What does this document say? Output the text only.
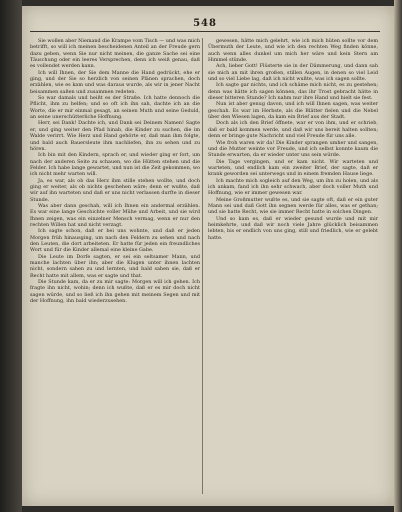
548

Sie wollen aber Niemand die Krampe vom Tisch — und was mich betrifft, so will ich meinen bescheidenen Anteil an der Freude gern dazu geben, wenn Sie nur nicht meinen, die ganze Sache sei eine Täuschung oder ein leeres Versprechen, denn ich weiß genau, daß es vollendet werden kann.

Ich will Ihnen, der Sie dem Manne die Hand gedrückt, ehe er ging, und der Sie so herzlich von seinen Plänen sprachen, doch erzählen, wie es kam und was daraus wurde, als wir in jener Nacht beisammen saßen und zusammen redeten.

So war damals und heißt es der Straße. Ich hatte dennoch die Pflicht, ihm zu helfen; und so oft ich ihn sah, dachte ich an die Worte, die er mir einmal gesagt, an seinen Muth und seine Geduld, an seine unerschütterliche Hoffnung.

Herr, sei Dank! Dachte ich, und Dank sei Deinem Namen! Sagte er, und ging weiter den Pfad hinab, die Kinder zu suchen, die im Walde verirrt. Wie Herz und Hand gehörte er, daß man ihm folgte, und bald auch Bauersleute ihm nachliefen, ihn zu sehen und zu hören.

Ich bin mit den Kindern, sprach er, und wieder ging er fort, um nach der anderen Seite zu schauen, wo die Hütten stehen und die Felder. Ich habe lange gewartet, und nun ist die Zeit gekommen, wo ich nicht mehr warten will.

Ja, es war, als ob das Herz ihm stille stehen wollte, und doch ging er weiter, als ob nichts geschehen wäre; denn er wußte, daß wir auf ihn warteten und daß er uns nicht verlassen durfte in dieser Stunde.

Was aber dann geschah, will ich Ihnen ein andermal erzählen. Es war eine lange Geschichte voller Mühe und Arbeit, und sie wird Ihnen zeigen, was ein einzelner Mensch vermag, wenn er nur den rechten Willen hat und nicht verzagt.

Ich sagte schon, daß er bei uns wohnte, und daß er jeden Morgen früh hinausging, um nach den Feldern zu sehen und nach den Leuten, die dort arbeiteten. Er hatte für jeden ein freundliches Wort und für die Kinder allemal eine kleine Gabe.

Die Leute im Dorfe sagten, er sei ein seltsamer Mann, und manche lachten über ihn; aber die Klugen unter ihnen lachten nicht, sondern sahen zu und lernten, und bald sahen sie, daß er Recht hatte mit allem, was er sagte und that.

Die Stunde kam, da er zu mir sagte: Morgen will ich gehen. Ich fragte ihn nicht, wohin; denn ich wußte, daß er es mir doch nicht sagen würde, und so ließ ich ihn gehen mit meinem Segen und mit der Hoffnung, ihn bald wiederzusehen.

gewesen, hätte mich gelehrt, wie ich mich hüten sollte vor dem Übermuth der Leute, und wie ich den rechten Weg finden könne, auch wenn alles dunkel um mich her wäre und kein Stern am Himmel stünde.

Ach, lieber Gott! Flüsterte sie in der Dämmerung, und dann sah sie mich an mit ihren großen, stillen Augen, in denen so viel Leid und so viel Liebe lag, daß ich nicht wußte, was ich sagen sollte.

Ich sagte gar nichts, und ich schäme mich nicht, es zu gestehen; denn was hätte ich sagen können, das ihr Trost gebracht hätte in dieser bitteren Stunde? Ich nahm nur ihre Hand und hielt sie fest.

Nun ist aber genug davon, und ich will Ihnen sagen, was weiter geschah. Es war im Herbste, als die Blätter fielen und die Nebel über den Wiesen lagen, da kam ein Brief aus der Stadt.

Doch als ich den Brief öffnete, war er von ihm, und er schrieb, daß er bald kommen werde, und daß wir uns bereit halten sollten; denn er bringe gute Nachricht und viel Freude für uns alle.

Wie froh waren wir da! Die Kinder sprangen umher und sangen, und die Mutter weinte vor Freude, und ich selbst konnte kaum die Stunde erwarten, da er wieder unter uns sein würde.

Die Tage vergingen, und er kam nicht. Wir warteten und warteten, und endlich kam ein zweiter Brief, der sagte, daß er krank geworden sei unterwegs und in einem fremden Hause liege.

Ich machte mich sogleich auf den Weg, um ihn zu holen, und als ich ankam, fand ich ihn sehr schwach, aber doch voller Muth und Hoffnung, wie er immer gewesen war.

Meine Großmutter wußte es, und sie sagte oft, daß er ein guter Mann sei und daß Gott ihn segnen werde für alles, was er gethan; und sie hatte Recht, wie sie immer Recht hatte in solchen Dingen.

Und so kam es, daß er wieder gesund wurde und mit mir heimkehrte, und daß wir noch viele Jahre glücklich beisammen lebten, bis er endlich von uns ging, still und friedlich, wie er gelebt hatte.
